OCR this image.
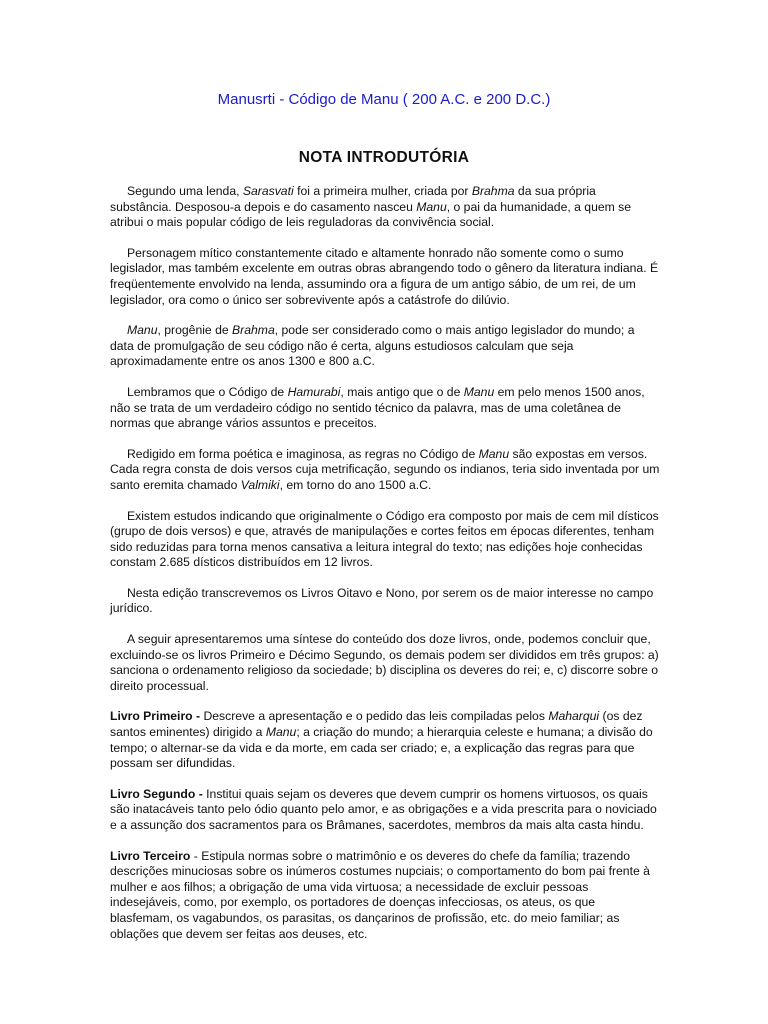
Manusrti - Código de Manu ( 200 A.C. e 200 D.C.)
NOTA INTRODUTÓRIA

Segundo uma lenda, Sarasvati foi a primeira mulher, criada por Brahma da sua própria substância. Desposou-a depois e do casamento nasceu Manu, o pai da humanidade, a quem se atribui o mais popular código de leis reguladoras da convivência social.

Personagem mítico constantemente citado e altamente honrado não somente como o sumo legislador, mas também excelente em outras obras abrangendo todo o gênero da literatura indiana. É freqüentemente envolvido na lenda, assumindo ora a figura de um antigo sábio, de um rei, de um legislador, ora como o único ser sobrevivente após a catástrofe do dilúvio.

Manu, progênie de Brahma, pode ser considerado como o mais antigo legislador do mundo; a data de promulgação de seu código não é certa, alguns estudiosos calculam que seja aproximadamente entre os anos 1300 e 800 a.C.

Lembramos que o Código de Hamurabi, mais antigo que o de Manu em pelo menos 1500 anos, não se trata de um verdadeiro código no sentido técnico da palavra, mas de uma coletânea de normas que abrange vários assuntos e preceitos.

Redigido em forma poética e imaginosa, as regras no Código de Manu são expostas em versos. Cada regra consta de dois versos cuja metrificação, segundo os indianos, teria sido inventada por um santo eremita chamado Valmiki, em torno do ano 1500 a.C.

Existem estudos indicando que originalmente o Código era composto por mais de cem mil dísticos (grupo de dois versos) e que, através de manipulações e cortes feitos em épocas diferentes, tenham sido reduzidas para torna menos cansativa a leitura integral do texto; nas edições hoje conhecidas constam 2.685 dísticos distribuídos em 12 livros.

Nesta edição transcrevemos os Livros Oitavo e Nono, por serem os de maior interesse no campo jurídico.

A seguir apresentaremos uma síntese do conteúdo dos doze livros, onde, podemos concluir que, excluindo-se os livros Primeiro e Décimo Segundo, os demais podem ser divididos em três grupos: a) sanciona o ordenamento religioso da sociedade; b) disciplina os deveres do rei; e, c) discorre sobre o direito processual.

Livro Primeiro - Descreve a apresentação e o pedido das leis compiladas pelos Maharqui (os dez santos eminentes) dirigido a Manu; a criação do mundo; a hierarquia celeste e humana; a divisão do tempo; o alternar-se da vida e da morte, em cada ser criado; e, a explicação das regras para que possam ser difundidas.

Livro Segundo - Institui quais sejam os deveres que devem cumprir os homens virtuosos, os quais são inatacáveis tanto pelo ódio quanto pelo amor, e as obrigações e a vida prescrita para o noviciado e a assunção dos sacramentos para os Brâmanes, sacerdotes, membros da mais alta casta hindu.

Livro Terceiro - Estipula normas sobre o matrimônio e os deveres do chefe da família; trazendo descrições minuciosas sobre os inúmeros costumes nupciais; o comportamento do bom pai frente à mulher e aos filhos; a obrigação de uma vida virtuosa; a necessidade de excluir pessoas indesejáveis, como, por exemplo, os portadores de doenças infecciosas, os ateus, os que blasfemam, os vagabundos, os parasitas, os dançarinos de profissão, etc. do meio familiar; as oblações que devem ser feitas aos deuses, etc.
